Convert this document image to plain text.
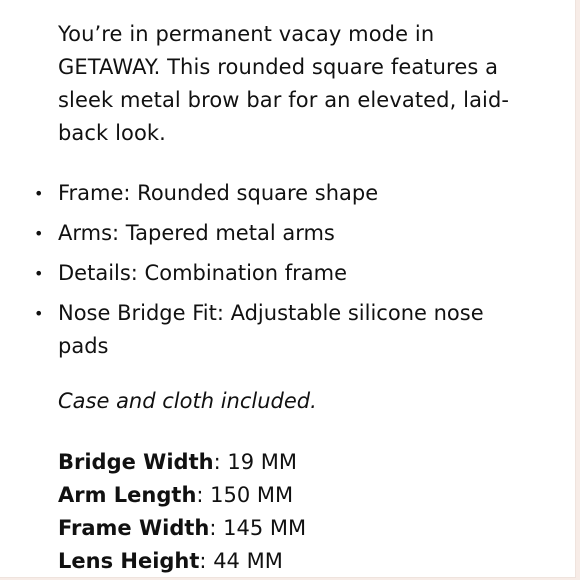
You’re in permanent vacay mode in GETAWAY. This rounded square features a sleek metal brow bar for an elevated, laid-back look.

• Frame: Rounded square shape
• Arms: Tapered metal arms
• Details: Combination frame
• Nose Bridge Fit: Adjustable silicone nose pads

Case and cloth included.

Bridge Width: 19 MM
Arm Length: 150 MM
Frame Width: 145 MM
Lens Height: 44 MM
